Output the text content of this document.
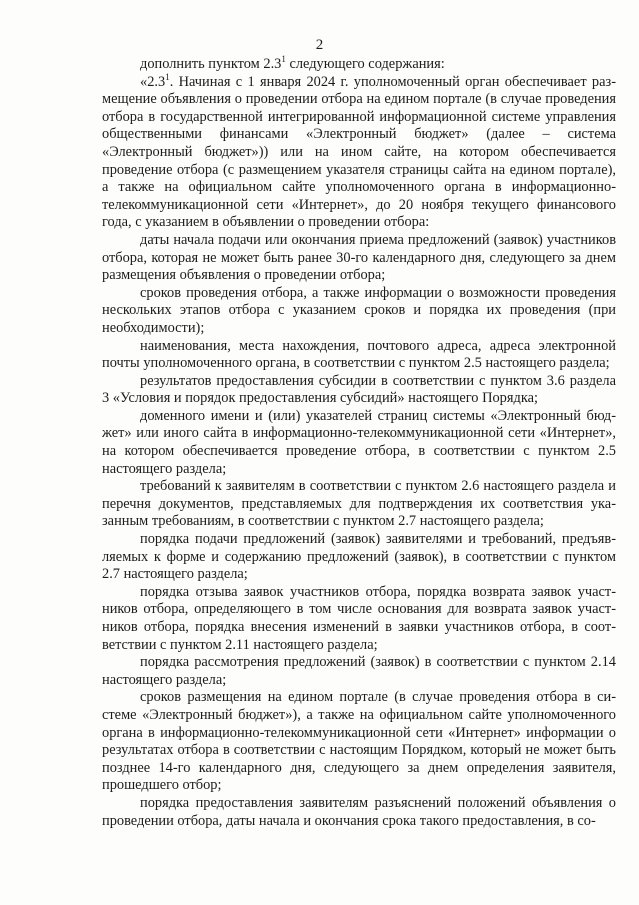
2

дополнить пунктом $2.3^1$ следующего содержания:

«$2.3^1$. Начиная с 1 января 2024 г. уполномоченный орган обеспечивает размещение объявления о проведении отбора на едином портале (в случае проведения отбора в государственной интегрированной информационной системе управления общественными финансами «Электронный бюджет» (далее – система «Электронный бюджет»)) или на ином сайте, на котором обеспечивается проведение отбора (с размещением указателя страницы сайта на едином портале), а также на официальном сайте уполномоченного органа в информационно-телекоммуникационной сети «Интернет», до 20 ноября текущего финансового года, с указанием в объявлении о проведении отбора:

даты начала подачи или окончания приема предложений (заявок) участников отбора, которая не может быть ранее 30-го календарного дня, следующего за днем размещения объявления о проведении отбора;

сроков проведения отбора, а также информации о возможности проведения нескольких этапов отбора с указанием сроков и порядка их проведения (при необходимости);

наименования, места нахождения, почтового адреса, адреса электронной почты уполномоченного органа, в соответствии с пунктом 2.5 настоящего раздела;

результатов предоставления субсидии в соответствии с пунктом 3.6 раздела 3 «Условия и порядок предоставления субсидий» настоящего Порядка;

доменного имени и (или) указателей страниц системы «Электронный бюджет» или иного сайта в информационно-телекоммуникационной сети «Интернет», на котором обеспечивается проведение отбора, в соответствии с пунктом 2.5 настоящего раздела;

требований к заявителям в соответствии с пунктом 2.6 настоящего раздела и перечня документов, представляемых для подтверждения их соответствия указанным требованиям, в соответствии с пунктом 2.7 настоящего раздела;

порядка подачи предложений (заявок) заявителями и требований, предъявляемых к форме и содержанию предложений (заявок), в соответствии с пунктом 2.7 настоящего раздела;

порядка отзыва заявок участников отбора, порядка возврата заявок участников отбора, определяющего в том числе основания для возврата заявок участников отбора, порядка внесения изменений в заявки участников отбора, в соответствии с пунктом 2.11 настоящего раздела;

порядка рассмотрения предложений (заявок) в соответствии с пунктом 2.14 настоящего раздела;

сроков размещения на едином портале (в случае проведения отбора в системе «Электронный бюджет»), а также на официальном сайте уполномоченного органа в информационно-телекоммуникационной сети «Интернет» информации о результатах отбора в соответствии с настоящим Порядком, который не может быть позднее 14-го календарного дня, следующего за днем определения заявителя, прошедшего отбор;

порядка предоставления заявителям разъяснений положений объявления о проведении отбора, даты начала и окончания срока такого предоставления, в со-
